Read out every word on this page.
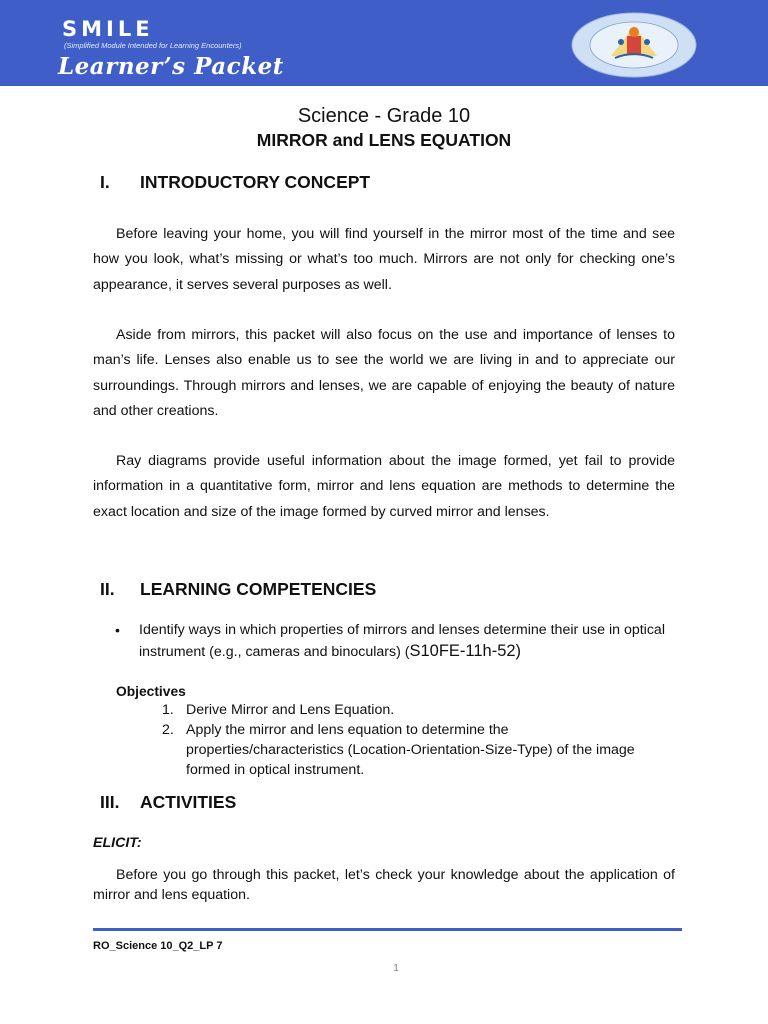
SMILE
(Simplified Module Intended for Learning Encounters)
Learner’s Packet
Science - Grade 10
MIRROR and LENS EQUATION
I. INTRODUCTORY CONCEPT

Before leaving your home, you will find yourself in the mirror most of the time and see how you look, what’s missing or what’s too much. Mirrors are not only for checking one’s appearance, it serves several purposes as well.

Aside from mirrors, this packet will also focus on the use and importance of lenses to man’s life. Lenses also enable us to see the world we are living in and to appreciate our surroundings. Through mirrors and lenses, we are capable of enjoying the beauty of nature and other creations.

Ray diagrams provide useful information about the image formed, yet fail to provide information in a quantitative form, mirror and lens equation are methods to determine the exact location and size of the image formed by curved mirror and lenses.

II. LEARNING COMPETENCIES
• Identify ways in which properties of mirrors and lenses determine their use in optical instrument (e.g., cameras and binoculars) (S10FE-11h-52)
Objectives
1. Derive Mirror and Lens Equation.
2. Apply the mirror and lens equation to determine the properties/characteristics (Location-Orientation-Size-Type) of the image formed in optical instrument.
III. ACTIVITIES
ELICIT:

Before you go through this packet, let’s check your knowledge about the application of mirror and lens equation.

RO_Science 10_Q2_LP 7
1
